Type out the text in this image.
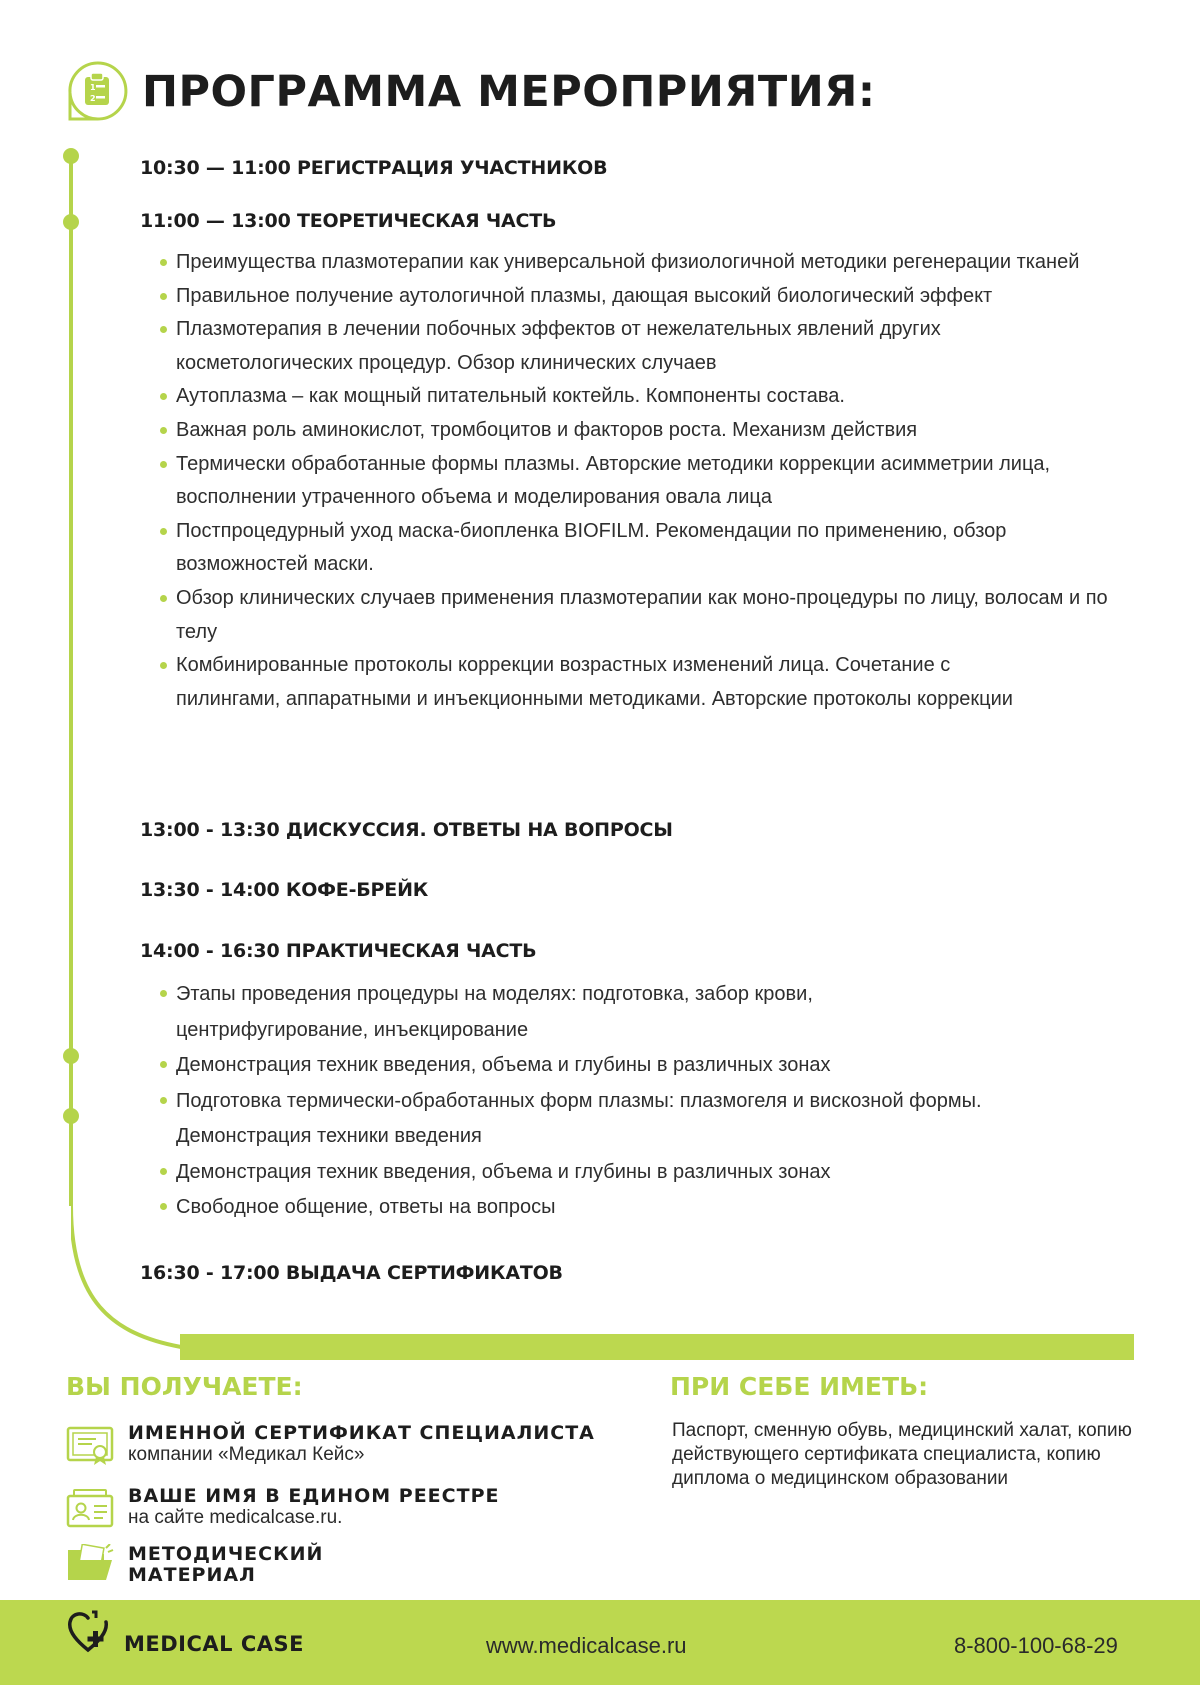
1
2 ПРОГРАММА МЕРОПРИЯТИЯ:
10:30 — 11:00 РЕГИСТРАЦИЯ УЧАСТНИКОВ
11:00 — 13:00 ТЕОРЕТИЧЕСКАЯ ЧАСТЬ
Преимущества плазмотерапии как универсальной физиологичной методики регенерации тканей
Правильное получение аутологичной плазмы, дающая высокий биологический эффект
Плазмотерапия в лечении побочных эффектов от нежелательных явлений других косметологических процедур. Обзор клинических случаев
Аутоплазма – как мощный питательный коктейль. Компоненты состава.
Важная роль аминокислот, тромбоцитов и факторов роста. Механизм действия
Термически обработанные формы плазмы. Авторские методики коррекции асимметрии лица, восполнении утраченного объема и моделирования овала лица
Постпроцедурный уход маска-биопленка BIOFILM. Рекомендации по применению, обзор возможностей маски.
Обзор клинических случаев применения плазмотерапии как моно-процедуры по лицу, волосам и по телу
Комбинированные протоколы коррекции возрастных изменений лица. Сочетание с пилингами, аппаратными и инъекционными методиками. Авторские протоколы коррекции
13:00 - 13:30 ДИСКУССИЯ. ОТВЕТЫ НА ВОПРОСЫ
13:30 - 14:00 КОФЕ-БРЕЙК
14:00 - 16:30 ПРАКТИЧЕСКАЯ ЧАСТЬ
Этапы проведения процедуры на моделях: подготовка, забор крови, центрифугирование, инъекцирование
Демонстрация техник введения, объема и глубины в различных зонах
Подготовка термически-обработанных форм плазмы: плазмогеля и вискозной формы. Демонстрация техники введения
Демонстрация техник введения, объема и глубины в различных зонах
Свободное общение, ответы на вопросы
16:30 - 17:00 ВЫДАЧА СЕРТИФИКАТОВ
ВЫ ПОЛУЧАЕТЕ:

ИМЕННОЙ СЕРТИФИКАТ СПЕЦИАЛИСТА

компании «Медикал Кейс»

ВАШЕ ИМЯ В ЕДИНОМ РЕЕСТРЕ

на сайте medicalcase.ru.

МЕТОДИЧЕСКИЙ
МАТЕРИАЛ

ПРИ СЕБЕ ИМЕТЬ:

Паспорт, сменную обувь, медицинский халат, копию действующего сертификата специалиста, копию диплома о медицинском образовании

MEDICAL CASE	www.medicalcase.ru	8-800-100-68-29
